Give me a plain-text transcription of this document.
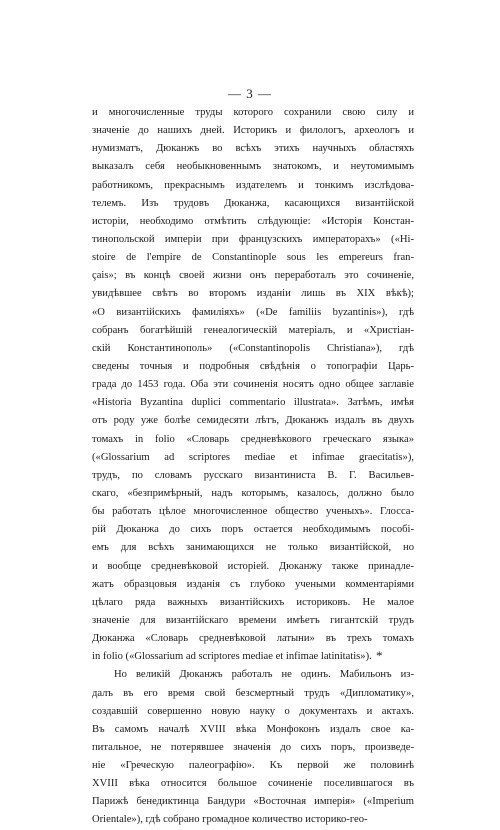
— 3 —
и многочисленные труды которого сохранили свою силу и
значеніе до нашихъ дней. Историкъ и филологъ, археологъ и
нумизматъ, Дюканжъ во всѣхъ этихъ научныхъ областяхъ
выказалъ себя необыкновеннымъ знатокомъ, и неутомимымъ
работникомъ, прекраснымъ издателемъ и тонкимъ изслѣдова-
телемъ. Изъ трудовъ Дюканжа, касающихся византійской
исторіи, необходимо отмѣтить слѣдующіе: «Исторія Констан-
тинопольской имперіи при французскихъ императорахъ» («Hi-
stoire de l'empire de Constantinople sous les empereurs fran-
çais»; въ концѣ своей жизни онъ переработалъ это сочиненіе,
увидѣвшее свѣтъ во второмъ изданіи лишь въ XIX вѣкѣ);
«О византійскихъ фамиліяхъ» («De familiis byzantinis»), гдѣ
собранъ богатѣйшій генеалогическій матеріалъ, и «Христіан-
скій Константинополь» («Constantinopolis Christiana»), гдѣ
сведены точныя и подробныя свѣдѣнія о топографіи Царь-
града до 1453 года. Оба эти сочиненія носятъ одно общее заглавіе
«Historia Byzantina duplici commentario illustrata». Затѣмъ, имѣя
отъ роду уже болѣе семидесяти лѣтъ, Дюканжъ издалъ въ двухъ
томахъ in folio «Словарь средневѣкового греческаго языка»
(«Glossarium ad scriptores mediae et infimae graecitatis»),
трудъ, по словамъ русскаго византиниста В. Г. Васильев-
скаго, «безпримѣрный, надъ которымъ, казалось, должно было
бы работать цѣлое многочисленное общество ученыхъ». Глосса-
рій Дюканжа до сихъ поръ остается необходимымъ пособі-
емъ для всѣхъ занимающихся не только византійской, но
и вообще средневѣковой исторіей. Дюканжу также принадле-
жатъ образцовыя изданія съ глубоко учеными комментаріями
цѣлаго ряда важныхъ византійскихъ историковъ. Не малое
значеніе для византійскаго времени имѣетъ гигантскій трудъ
Дюканжа «Словарь средневѣковой латыни» въ трехъ томахъ
in folio («Glossarium ad scriptores mediae et infimae latinitatis»).
Но великій Дюканжъ работалъ не одинъ. Мабильонъ из-
далъ въ его время свой безсмертный трудъ «Дипломатику»,
создавшій совершенно новую науку о документахъ и актахъ.
Въ самомъ началѣ XVIII вѣка Монфоконъ издалъ свое ка-
питальное, не потерявшее значенія до сихъ поръ, произведе-
ніе «Греческую палеографію». Къ первой же половинѣ
XVIII вѣка относится большое сочиненіе поселившагося въ
Парижѣ бенедиктинца Бандури «Восточная имперія» («Imperium
Orientale»), гдѣ собрано громадное количество историко-гео-
*
